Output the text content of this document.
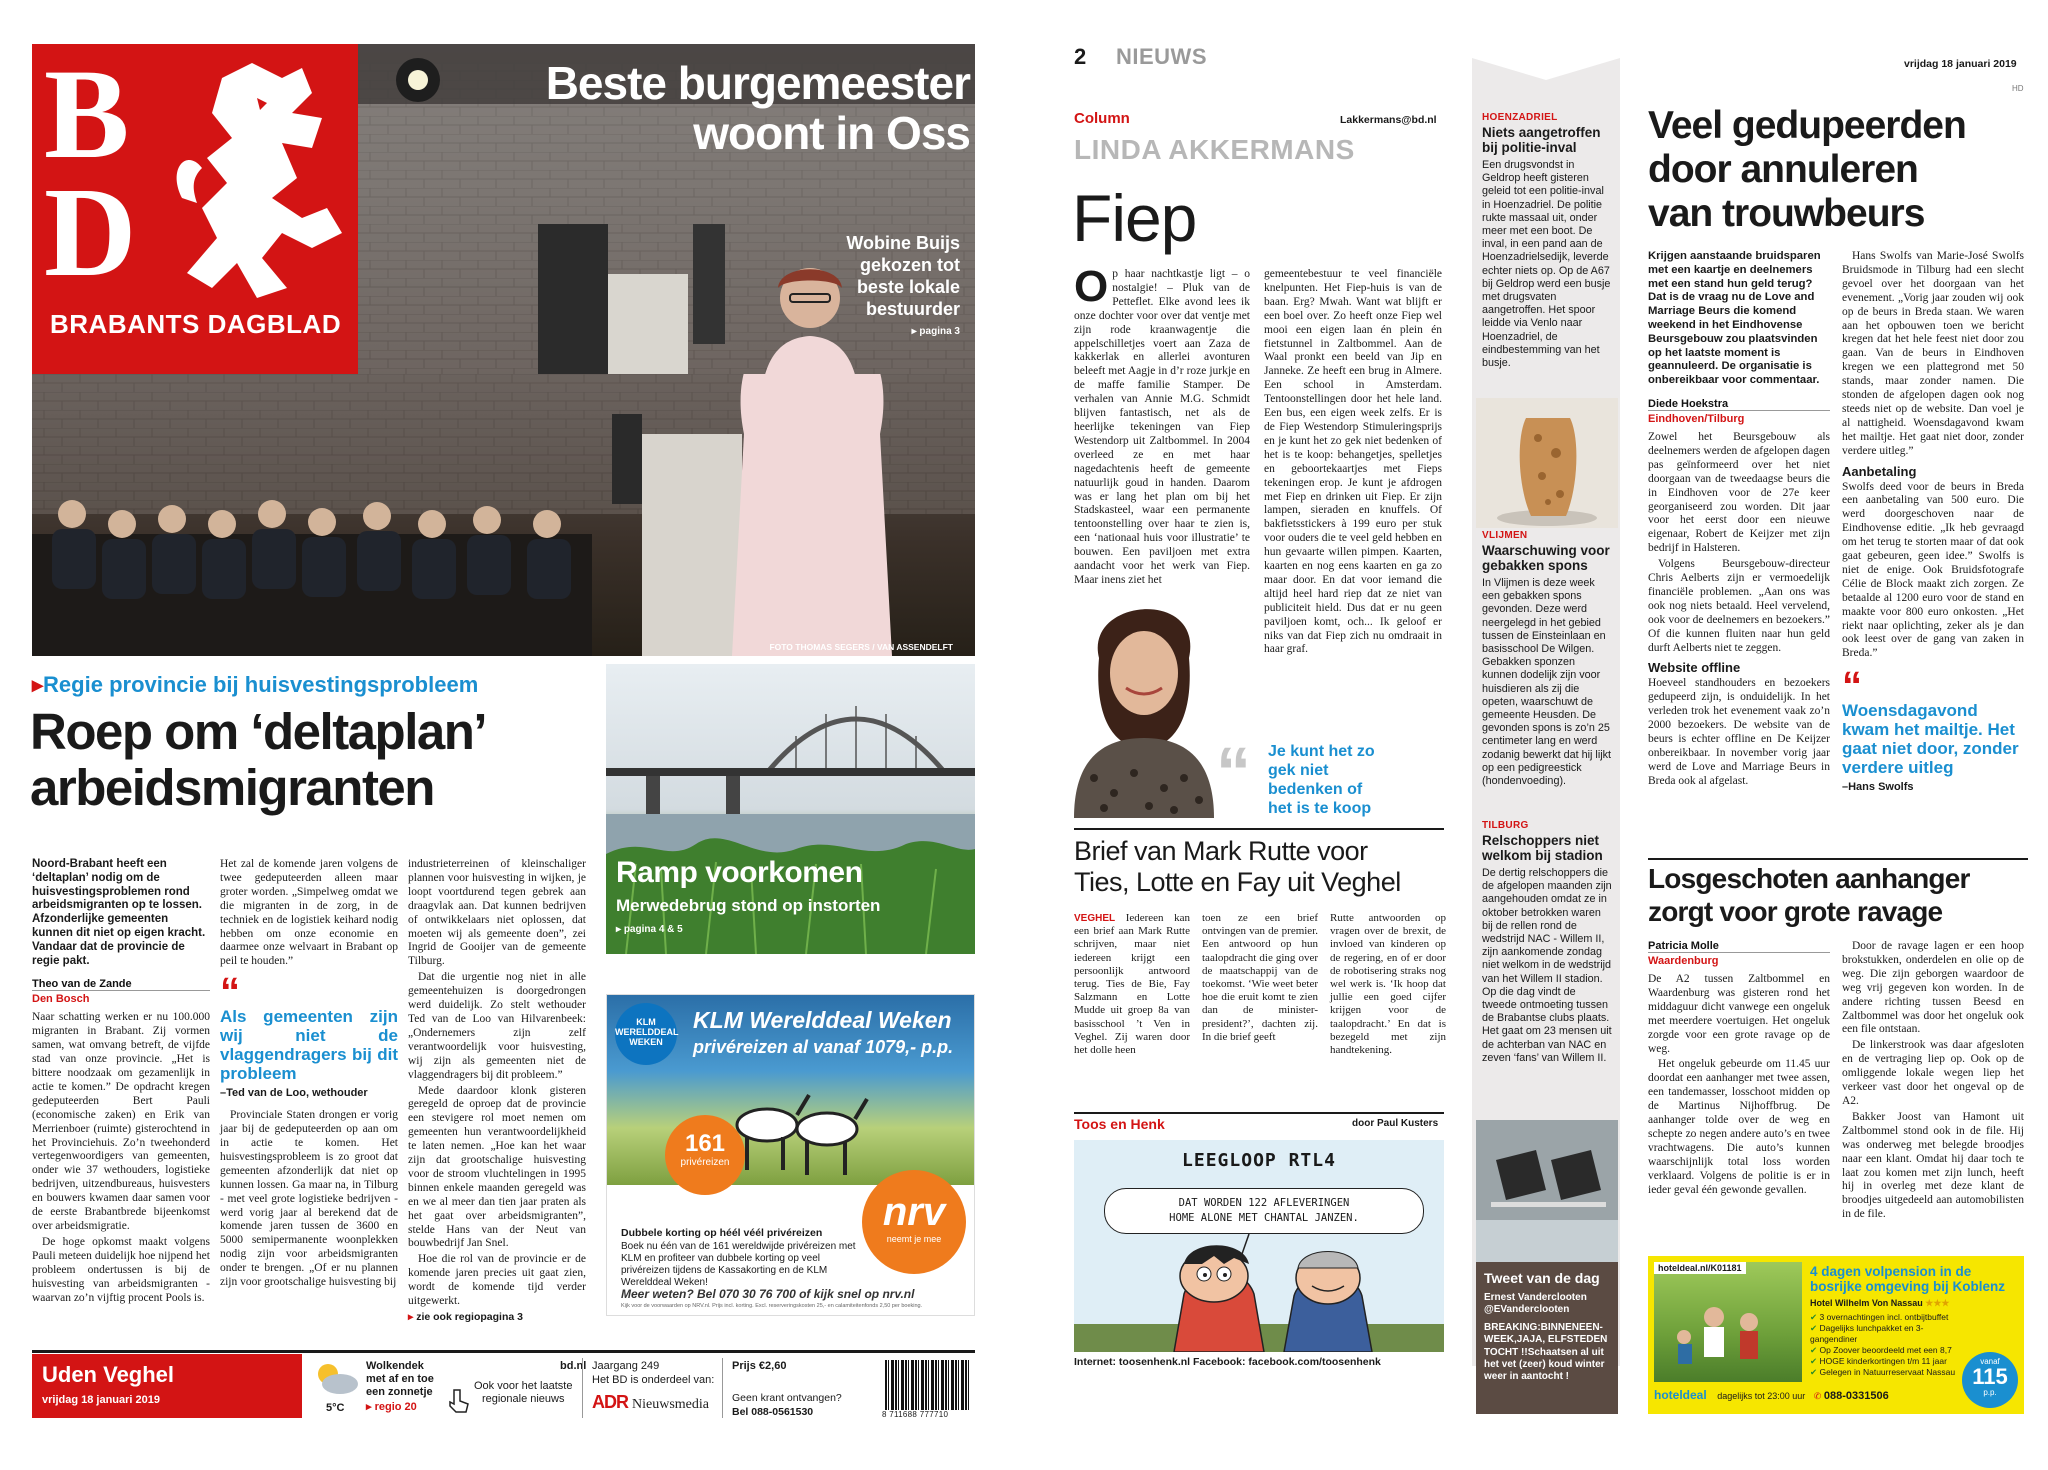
B
D
BRABANTS DAGBLAD
Beste burgemeester
woont in Oss
FOTO THOMAS SEGERS / VAN ASSENDELFT
Wobine Buijs
gekozen tot
beste lokale
bestuurder
▸ pagina 3
▸Regie provincie bij huisvestingsprobleem
Roep om ‘deltaplan’
arbeidsmigranten
Noord-Brabant heeft een ‘deltaplan’ nodig om de huisvestingsproblemen rond arbeidsmigranten op te lossen. Afzonderlijke gemeenten kunnen dit niet op eigen kracht. Vandaar dat de provincie de regie pakt.
Theo van de Zande
Den Bosch

Naar schatting werken er nu 100.000 migranten in Brabant. Zij vormen samen, wat omvang betreft, de vijfde stad van onze provincie. „Het is bittere noodzaak om gezamenlijk in actie te komen.” De opdracht kregen gedeputeerden Bert Pauli (economische zaken) en Erik van Merrienboer (ruimte) gisterochtend in het Provinciehuis. Zo’n tweehonderd vertegenwoordigers van gemeenten, onder wie 37 wethouders, logistieke bedrijven, uitzendbureaus, huisvesters en bouwers kwamen daar samen voor de eerste Brabantbrede bijeenkomst over arbeidsmigratie.

De hoge opkomst maakt volgens Pauli meteen duidelijk hoe nijpend het probleem ondertussen is bij de huisvesting van arbeidsmigranten - waarvan zo’n vijftig procent Pools is.

Het zal de komende jaren volgens de twee gedeputeerden alleen maar groter worden. „Simpelweg omdat we die migranten in de zorg, in de techniek en de logistiek keihard nodig hebben om onze economie en daarmee onze welvaart in Brabant op peil te houden.”

“
Als gemeenten zijn wij niet de vlaggendragers bij dit probleem
–Ted van de Loo, wethouder

Provinciale Staten drongen er vorig jaar bij de gedeputeerden op aan om in actie te komen. Het huisvestingsprobleem is zo groot dat gemeenten afzonderlijk dat niet op kunnen lossen. Ga maar na, in Tilburg - met veel grote logistieke bedrijven - werd vorig jaar al berekend dat de komende jaren tussen de 3600 en 5000 semipermanente woonplekken nodig zijn voor arbeidsmigranten onder te brengen. „Of er nu plannen zijn voor grootschalige huisvesting bij

industrieterreinen of kleinschaliger plannen voor huisvesting in wijken, je loopt voortdurend tegen gebrek aan draagvlak aan. Dat kunnen bedrijven of ontwikkelaars niet oplossen, dat moeten wij als gemeente doen”, zei Ingrid de Gooijer van de gemeente Tilburg.

Dat die urgentie nog niet in alle gemeentehuizen is doorgedrongen werd duidelijk. Zo stelt wethouder Ted van de Loo van Hilvarenbeek: „Ondernemers zijn zelf verantwoordelijk voor huisvesting, wij zijn als gemeenten niet de vlaggendragers bij dit probleem.”

Mede daardoor klonk gisteren geregeld de oproep dat de provincie een stevigere rol moet nemen om gemeenten hun verantwoordelijkheid te laten nemen. „Hoe kan het waar zijn dat grootschalige huisvesting voor de stroom vluchtelingen in 1995 binnen enkele maanden geregeld was en we al meer dan tien jaar praten als het gaat over arbeidsmigranten”, stelde Hans van der Neut van bouwbedrijf Jan Snel.

Hoe die rol van de provincie er de komende jaren precies uit gaat zien, wordt de komende tijd verder uitgewerkt.

▸ zie ook regiopagina 3
Ramp voorkomen
Merwedebrug stond op instorten
▸ pagina 4 & 5
KLM WERELDDEAL WEKEN
KLM Werelddeal Weken
privéreizen al vanaf 1079,- p.p.
161
privéreizen
nrv
neemt je mee
Dubbele korting op héél véél privéreizen
Boek nu één van de 161 wereldwijde privéreizen met KLM en profiteer van dubbele korting op veel privéreizen tijdens de Kassakorting en de KLM Werelddeal Weken!
Meer weten? Bel 070 30 76 700 of kijk snel op nrv.nl
Kijk voor de voorwaarden op NRV.nl. Prijs incl. korting. Excl. reserveringskosten 25,- en calamiteitenfonds 2,50 per boeking.
Uden Veghel
vrijdag 18 januari 2019
5°C
Wolkendek
met af en toe
een zonnetje
▸ regio 20
Ook voor het laatste
regionale nieuws
bd.nl Jaargang 249
Het BD is onderdeel van:
ADR Nieuwsmedia
Prijs €2,60
Geen krant ontvangen?
Bel 088-0561530	8 711688 777710
2 NIEUWS	vrijdag 18 januari 2019
HD
Column	Lakkermans@bd.nl
LINDA AKKERMANS
Fiep
Op haar nachtkastje ligt – o nostalgie! – Pluk van de Petteflet. Elke avond lees ik onze dochter voor over dat ventje met zijn rode kraanwagentje die appelschilletjes voert aan Zaza de kakkerlak en allerlei avonturen beleeft met Aagje in d’r roze jurkje en de maffe familie Stamper. De verhalen van Annie M.G. Schmidt blijven fantastisch, net als de heerlijke tekeningen van Fiep Westendorp uit Zaltbommel. In 2004 overleed ze en met haar nagedachtenis heeft de gemeente natuurlijk goud in handen. Daarom was er lang het plan om bij het Stadskasteel, waar een permanente tentoonstelling over haar te zien is, een ‘nationaal huis voor illustratie’ te bouwen. Een paviljoen met extra aandacht voor het werk van Fiep. Maar inens ziet het
gemeentebestuur te veel financiële knelpunten. Het Fiep-huis is van de baan. Erg? Mwah. Want wat blijft er een boel over. Zo heeft onze Fiep wel mooi een eigen laan én plein én fietstunnel in Zaltbommel. Aan de Waal pronkt een beeld van Jip en Janneke. Ze heeft een brug in Almere. Een school in Amsterdam. Tentoonstellingen door het hele land. Een bus, een eigen week zelfs. Er is de Fiep Westendorp Stimuleringsprijs en je kunt het zo gek niet bedenken of het is te koop: behangetjes, spelletjes en geboortekaartjes met Fieps tekeningen erop. Je kunt je afdrogen met Fiep en drinken uit Fiep. Er zijn lampen, sieraden en knuffels. Of bakfietsstickers à 199 euro per stuk voor ouders die te veel geld hebben en hun gevaarte willen pimpen. Kaarten, kaarten en nog eens kaarten en ga zo maar door. En dat voor iemand die altijd heel hard riep dat ze niet van publiciteit hield. Dus dat er nu geen paviljoen komt, och... Ik geloof er niks van dat Fiep zich nu omdraait in haar graf.
“ Je kunt het zo gek niet bedenken of het is te koop
Brief van Mark Rutte voor
Ties, Lotte en Fay uit Veghel
VEGHEL Iedereen kan een brief aan Mark Rutte schrijven, maar niet iedereen krijgt een persoonlijk antwoord terug. Ties de Bie, Fay Salzmann en Lotte Mudde uit groep 8a van basisschool ’t Ven in Veghel. Zij waren door het dolle heen
toen ze een brief ontvingen van de premier. Een antwoord op hun taalopdracht die ging over de maatschappij van de toekomst. ‘Wie weet beter hoe die eruit komt te zien dan de minister-president?’, dachten zij. In die brief geeft
Rutte antwoorden op vragen over de brexit, de invloed van kinderen op de regering, en of er door de robotisering straks nog wel werk is. ‘Ik hoop dat jullie een goed cijfer krijgen voor de taalopdracht.’ En dat is bezegeld met zijn handtekening.
Toos en Henk	door Paul Kusters
LEEGLOOP RTL4
DAT WORDEN 122 AFLEVERINGEN
HOME ALONE MET CHANTAL JANZEN.
Internet: toosenhenk.nl Facebook: facebook.com/toosenhenk
HOENZADRIEL
Niets aangetroffen bij politie-inval
Een drugsvondst in Geldrop heeft gisteren geleid tot een politie-inval in Hoenzadriel. De politie rukte massaal uit, onder meer met een boot. De inval, in een pand aan de Hoenzadrielsedijk, leverde echter niets op. Op de A67 bij Geldrop werd een busje met drugsvaten aangetroffen. Het spoor leidde via Venlo naar Hoenzadriel, de eindbestemming van het busje.
VLIJMEN
Waarschuwing voor gebakken spons
In Vlijmen is deze week een gebakken spons gevonden. Deze werd neergelegd in het gebied tussen de Einsteinlaan en basisschool De Wilgen. Gebakken sponzen kunnen dodelijk zijn voor huisdieren als zij die opeten, waarschuwt de gemeente Heusden. De gevonden spons is zo’n 25 centimeter lang en werd zodanig bewerkt dat hij lijkt op een pedigreestick (hondenvoeding).
TILBURG
Relschoppers niet welkom bij stadion
De dertig relschoppers die de afgelopen maanden zijn aangehouden omdat ze in oktober betrokken waren bij de rellen rond de wedstrijd NAC - Willem II, zijn aankomende zondag niet welkom in de wedstrijd van het Willem II stadion. Op die dag vindt de tweede ontmoeting tussen de Brabantse clubs plaats. Het gaat om 23 mensen uit de achterban van NAC en zeven ‘fans’ van Willem II.
Tweet van de dag
Ernest Vanderclooten @EVanderclooten
BREAKING:BINNENEEN-WEEK,JAJA, ELFSTEDENTOCHT !!Schaatsen al uit het vet (zeer) koud winterweer in aantocht !
Veel gedupeerden
door annuleren
van trouwbeurs
Krijgen aanstaande bruidsparen met een kaartje en deelnemers met een stand hun geld terug? Dat is de vraag nu de Love and Marriage Beurs die komend weekend in het Eindhovense Beursgebouw zou plaatsvinden op het laatste moment is geannuleerd. De organisatie is onbereikbaar voor commentaar.
Diede Hoekstra
Eindhoven/Tilburg

Zowel het Beursgebouw als deelnemers werden de afgelopen dagen pas geïnformeerd over het niet doorgaan van de tweedaagse beurs die in Eindhoven voor de 27e keer georganiseerd zou worden. Dit jaar voor het eerst door een nieuwe eigenaar, Robert de Keijzer met zijn bedrijf in Halsteren.

Volgens Beursgebouw-directeur Chris Aelberts zijn er vermoedelijk financiële problemen. „Aan ons was ook nog niets betaald. Heel vervelend, ook voor de deelnemers en bezoekers.” Of die kunnen fluiten naar hun geld durft Aelberts niet te zeggen.

Website offline

Hoeveel standhouders en bezoekers gedupeerd zijn, is onduidelijk. In het verleden trok het evenement vaak zo’n 2000 bezoekers. De website van de beurs is echter offline en De Keijzer onbereikbaar. In november vorig jaar werd de Love and Marriage Beurs in Breda ook al afgelast.

Hans Swolfs van Marie-José Swolfs Bruidsmode in Tilburg had een slecht gevoel over het doorgaan van het evenement. „Vorig jaar zouden wij ook op de beurs in Breda staan. We waren aan het opbouwen toen we bericht kregen dat het hele feest niet door zou gaan. Van de beurs in Eindhoven kregen we een plattegrond met 50 stands, maar zonder namen. Die stonden de afgelopen dagen ook nog steeds niet op de website. Dan voel je al nattigheid. Woensdagavond kwam het mailtje. Het gaat niet door, zonder verdere uitleg.”

Aanbetaling

Swolfs deed voor de beurs in Breda een aanbetaling van 500 euro. Die werd doorgeschoven naar de Eindhovense editie. „Ik heb gevraagd om het terug te storten maar of dat ook gaat gebeuren, geen idee.” Swolfs is niet de enige. Ook Bruidsfotografe Célie de Block maakt zich zorgen. Ze betaalde al 1200 euro voor de stand en maakte voor 800 euro onkosten. „Het riekt naar oplichting, zeker als je dan ook leest over de gang van zaken in Breda.”

“
Woensdagavond kwam het mailtje. Het gaat niet door, zonder verdere uitleg
–Hans Swolfs
Losgeschoten aanhanger
zorgt voor grote ravage
Patricia Molle
Waardenburg

De A2 tussen Zaltbommel en Waardenburg was gisteren rond het middaguur dicht vanwege een ongeluk met meerdere voertuigen. Het ongeluk zorgde voor een grote ravage op de weg.

Het ongeluk gebeurde om 11.45 uur doordat een aanhanger met twee assen, een tandemasser, losschoot midden op de Martinus Nijhoffbrug. De aanhanger tolde over de weg en schepte zo negen andere auto’s en twee vrachtwagens. Die auto’s kunnen waarschijnlijk total loss worden verklaard. Volgens de politie is er in ieder geval één gewonde gevallen.

Door de ravage lagen er een hoop brokstukken, onderdelen en olie op de weg. Die zijn geborgen waardoor de weg vrij gegeven kon worden. In de andere richting tussen Beesd en Zaltbommel was door het ongeluk ook een file ontstaan.

De linkerstrook was daar afgesloten en de vertraging liep op. Ook op de omliggende lokale wegen liep het verkeer vast door het ongeval op de A2.

Bakker Joost van Hamont uit Zaltbommel stond ook in de file. Hij was onderweg met belegde broodjes naar een klant. Omdat hij daar toch te laat zou komen met zijn lunch, heeft hij in overleg met deze klant de broodjes uitgedeeld aan automobilisten in de file.

hoteldeal.nl/K01181	4 dagen volpension in de bosrijke omgeving bij Koblenz
Hotel Wilhelm Von Nassau ★★★
✔ 3 overnachtingen incl. ontbijtbuffet
✔ Dagelijks lunchpakket en 3-gangendiner
✔ Op Zoover beoordeeld met een 8,7
✔ HOGE kinderkortingen t/m 11 jaar
✔ Gelegen in Natuurreservaat Nassau
vanaf
115
p.p.
hoteldeal dagelijks tot 23:00 uur ✆ 088-0331506
